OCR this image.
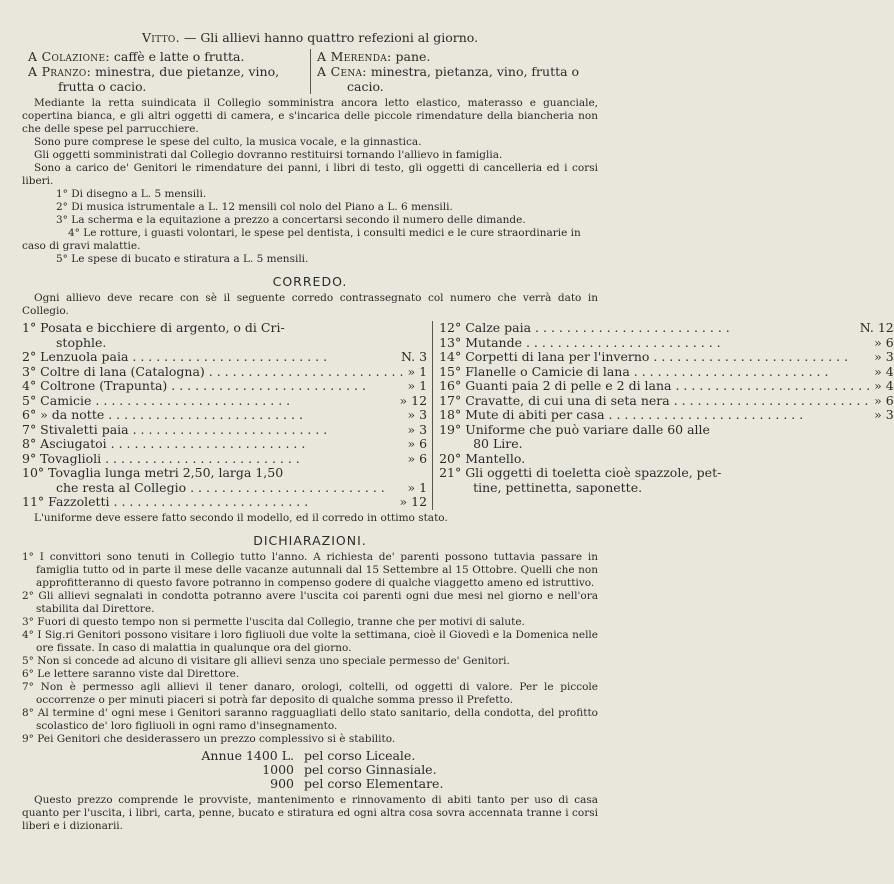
Vitto. — Gli allievi hanno quattro refezioni al giorno.
A Colazione: caffè e latte o frutta.
A Pranzo: minestra, due pietanze, vino,
frutta o cacio.
A Merenda: pane.
A Cena: minestra, pietanza, vino, frutta o
cacio.
Mediante la retta suindicata il Collegio somministra ancora letto elastico, materasso e guanciale, copertina bianca, e gli altri oggetti di camera, e s'incarica delle piccole rimendature della biancheria non che delle spese pel parrucchiere.
Sono pure comprese le spese del culto, la musica vocale, e la ginnastica.
Gli oggetti somministrati dal Collegio dovranno restituirsi tornando l'allievo in famiglia.
Sono a carico de' Genitori le rimendature dei panni, i libri di testo, gli oggetti di cancelleria ed i corsi liberi.
1° Di disegno a L. 5 mensili.
2° Di musica istrumentale a L. 12 mensili col nolo del Piano a L. 6 mensili.
3° La scherma e la equitazione a prezzo a concertarsi secondo il numero delle dimande.
4° Le rotture, i guasti volontari, le spese pel dentista, i consulti medici e le cure straordinarie in caso di gravi malattie.
5° Le spese di bucato e stiratura a L. 5 mensili.
CORREDO.
Ogni allievo deve recare con sè il seguente corredo contrassegnato col numero che verrà dato in Collegio.
1° Posata e bicchiere di argento, o di Cri-
stophle.
2° Lenzuola paia . . .	N. 3
3° Coltre di lana (Catalogna) . . .	» 1
4° Coltrone (Trapunta) . . .	» 1
5° Camicie . . .	» 12
6° » da notte . . .	» 3
7° Stivaletti paia . . .	» 3
8° Asciugatoi . . .	» 6
9° Tovaglioli . . .	» 6
10° Tovaglia lunga metri 2,50, larga 1,50
che resta al Collegio . . .	» 1
11° Fazzoletti . . .	» 12
12° Calze paia . . .	N. 12
13° Mutande . . .	» 6
14° Corpetti di lana per l'inverno . . .	» 3
15° Flanelle o Camicie di lana . . .	» 4
16° Guanti paia 2 di pelle e 2 di lana . . .	» 4
17° Cravatte, di cui una di seta nera . . .	» 6
18° Mute di abiti per casa . . .	» 3
19° Uniforme che può variare dalle 60 alle
80 Lire.
20° Mantello.
21° Gli oggetti di toeletta cioè spazzole, pet-
tine, pettinetta, saponette.
L'uniforme deve essere fatto secondo il modello, ed il corredo in ottimo stato.
DICHIARAZIONI.
1° I convittori sono tenuti in Collegio tutto l'anno. A richiesta de' parenti possono tuttavia passare in famiglia tutto od in parte il mese delle vacanze autunnali dal 15 Settembre al 15 Ottobre. Quelli che non approfitteranno di questo favore potranno in compenso godere di qualche viaggetto ameno ed istruttivo.
2° Gli allievi segnalati in condotta potranno avere l'uscita coi parenti ogni due mesi nel giorno e nell'ora stabilita dal Direttore.
3° Fuori di questo tempo non si permette l'uscita dal Collegio, tranne che per motivi di salute.
4° I Sig.ri Genitori possono visitare i loro figliuoli due volte la settimana, cioè il Giovedì e la Domenica nelle ore fissate. In caso di malattia in qualunque ora del giorno.
5° Non si concede ad alcuno di visitare gli allievi senza uno speciale permesso de' Genitori.
6° Le lettere saranno viste dal Direttore.
7° Non è permesso agli allievi il tener danaro, orologi, coltelli, od oggetti di valore. Per le piccole occorrenze o per minuti piaceri si potrà far deposito di qualche somma presso il Prefetto.
8° Al termine d' ogni mese i Genitori saranno ragguagliati dello stato sanitario, della condotta, del profitto scolastico de' loro figliuoli in ogni ramo d'insegnamento.
9° Pei Genitori che desiderassero un prezzo complessivo si è stabilito.
Annue 1400 L. pel corso Liceale.
1000 pel corso Ginnasiale.
900 pel corso Elementare.
Questo prezzo comprende le provviste, mantenimento e rinnovamento di abiti tanto per uso di casa quanto per l'uscita, i libri, carta, penne, bucato e stiratura ed ogni altra cosa sovra accennata tranne i corsi liberi e i dizionarii.
